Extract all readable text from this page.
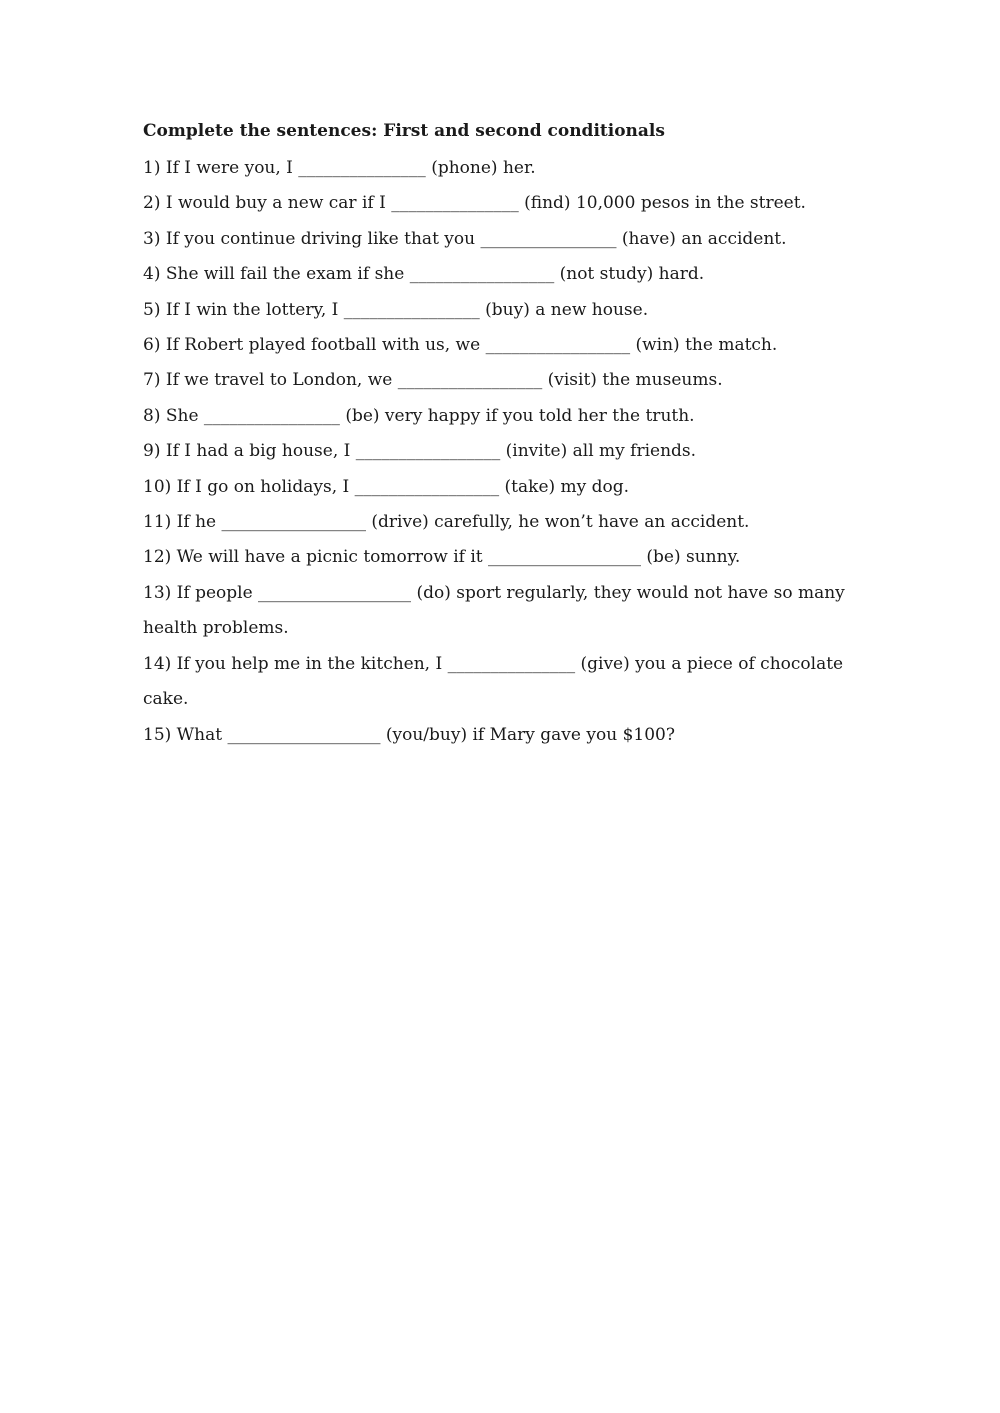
Complete the sentences: First and second conditionals

1) If I were you, I _______________ (phone) her.

2) I would buy a new car if I _______________ (find) 10,000 pesos in the street.

3) If you continue driving like that you ________________ (have) an accident.

4) She will fail the exam if she _________________ (not study) hard.

5) If I win the lottery, I ________________ (buy) a new house.

6) If Robert played football with us, we _________________ (win) the match.

7) If we travel to London, we _________________ (visit) the museums.

8) She ________________ (be) very happy if you told her the truth.

9) If I had a big house, I _________________ (invite) all my friends.

10) If I go on holidays, I _________________ (take) my dog.

11) If he _________________ (drive) carefully, he won’t have an accident.

12) We will have a picnic tomorrow if it __________________ (be) sunny.

13) If people __________________ (do) sport regularly, they would not have so many health problems.

14) If you help me in the kitchen, I _______________ (give) you a piece of chocolate cake.

15) What __________________ (you/buy) if Mary gave you $100?
